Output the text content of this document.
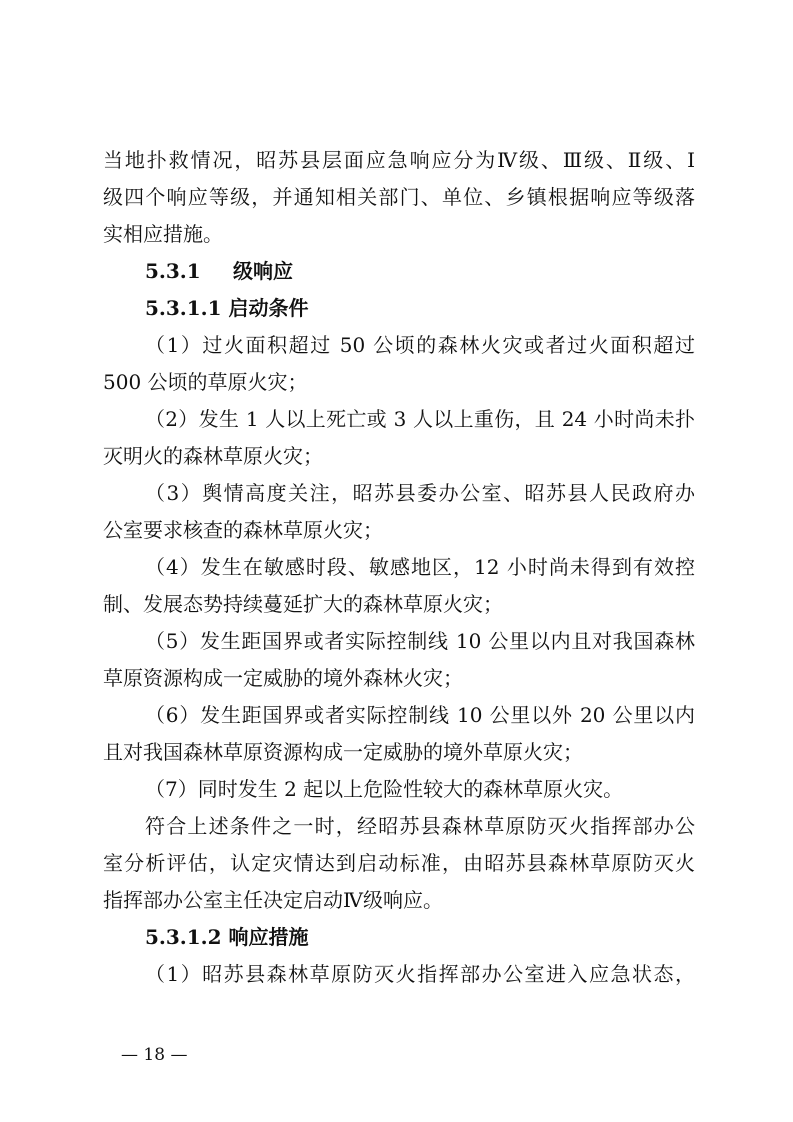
当地扑救情况，昭苏县层面应急响应分为Ⅳ级、Ⅲ级、Ⅱ级、Ⅰ
级四个响应等级，并通知相关部门、单位、乡镇根据响应等级落
实相应措施。
5.3.1 级响应
5.3.1.1 启动条件
（1）过火面积超过 50 公顷的森林火灾或者过火面积超过
500 公顷的草原火灾；
（2）发生 1 人以上死亡或 3 人以上重伤，且 24 小时尚未扑
灭明火的森林草原火灾；
（3）舆情高度关注，昭苏县委办公室、昭苏县人民政府办
公室要求核查的森林草原火灾；
（4）发生在敏感时段、敏感地区，12 小时尚未得到有效控
制、发展态势持续蔓延扩大的森林草原火灾；
（5）发生距国界或者实际控制线 10 公里以内且对我国森林
草原资源构成一定威胁的境外森林火灾；
（6）发生距国界或者实际控制线 10 公里以外 20 公里以内
且对我国森林草原资源构成一定威胁的境外草原火灾；
（7）同时发生 2 起以上危险性较大的森林草原火灾。
符合上述条件之一时，经昭苏县森林草原防灭火指挥部办公
室分析评估，认定灾情达到启动标准，由昭苏县森林草原防灭火
指挥部办公室主任决定启动Ⅳ级响应。
5.3.1.2 响应措施
（1）昭苏县森林草原防灭火指挥部办公室进入应急状态，
— 18 —
